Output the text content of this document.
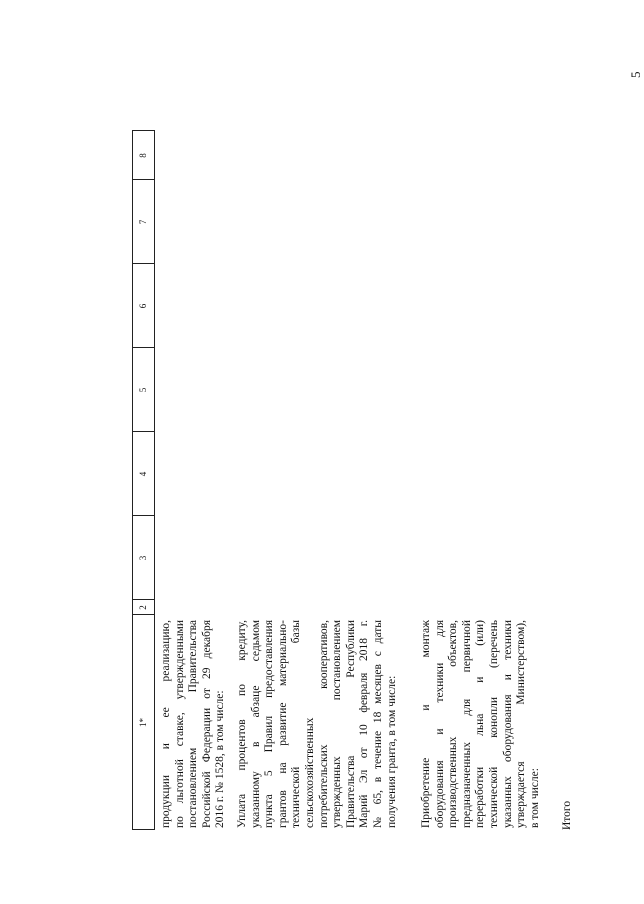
5
1*
2
3
4
5
6
7
8
продукции и ее реализацию, по льготной ставке, утвержденными постановлением Правительства Российской Федерации от 29 декабря 2016 г. № 1528, в том числе: Уплата процентов по кредиту, указанному в абзаце седьмом пункта 5 Правил предоставления грантов на развитие материально- технической базы сельскохозяйственных потребительских кооперативов, утвержденных постановлением Правительства Республики Марий Эл от 10 февраля 2018 г. № 65, в течение 18 месяцев с даты получения гранта, в том числе: Приобретение и монтаж оборудования и техники для производственных объектов, предназначенных для первичной переработки льна и (или) технической конопли (перечень указанных оборудования и техники утверждается Министерством), в том числе: Итого
